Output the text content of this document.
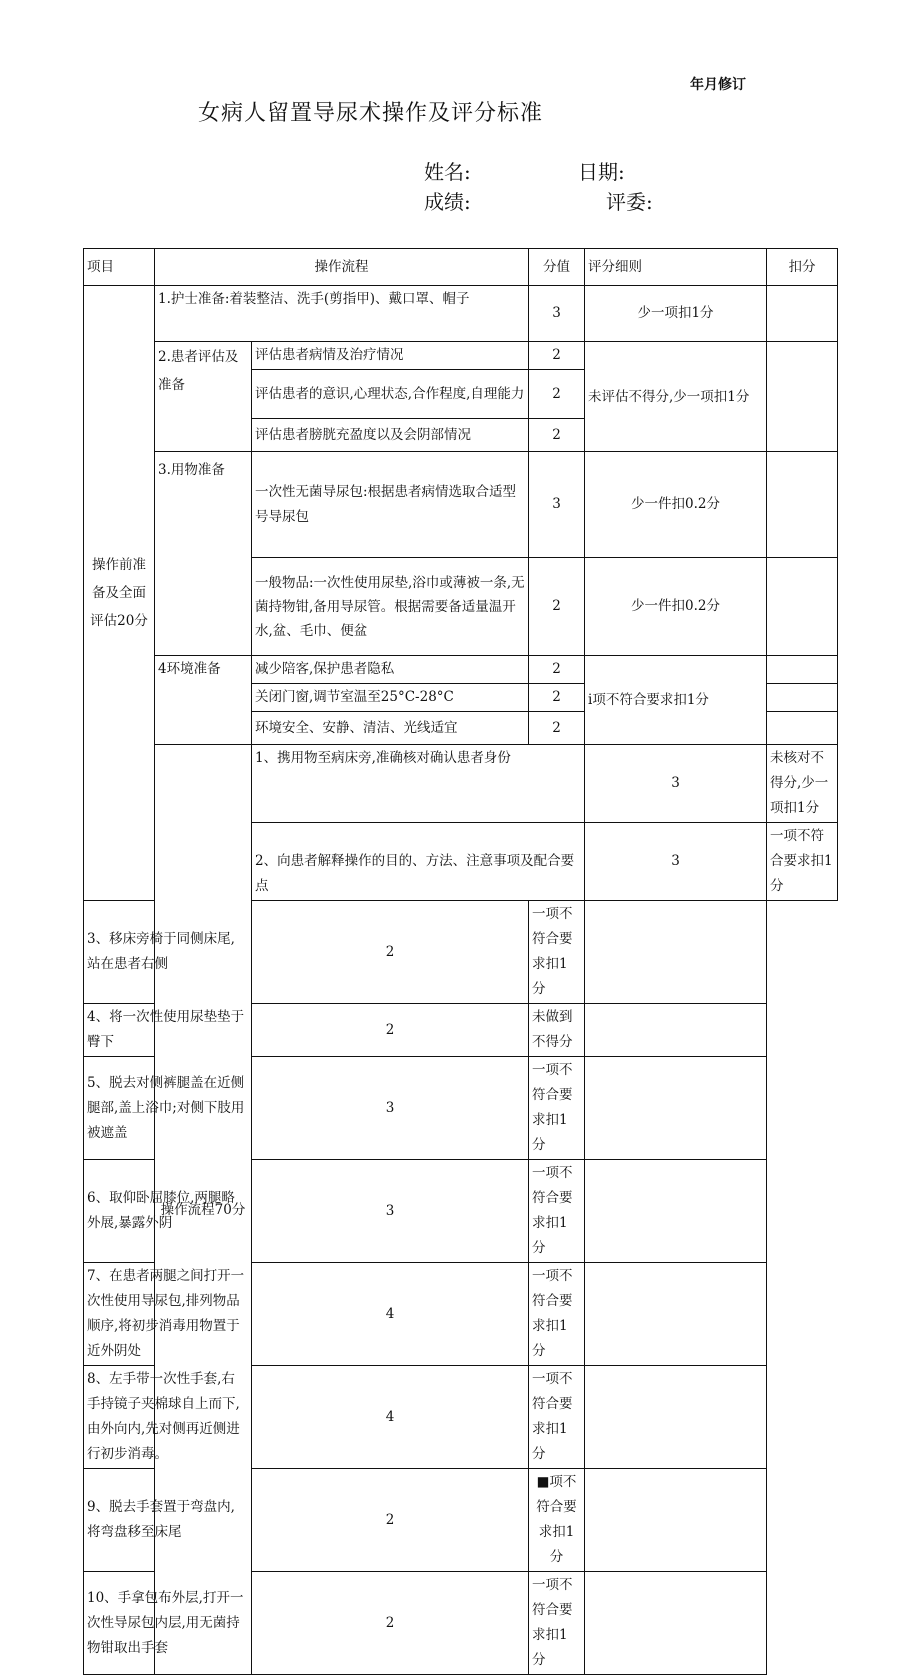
年月修订
女病人留置导尿术操作及评分标准
姓名:	日期:
成绩:	评委:
项目	操作流程		分值	评分细则	扣分	
操作前准备及全面评估20分	1.护士准备:着装整洁、洗手(剪指甲)、戴口罩、帽子		3	少一项扣1分		
	2.患者评估及准备	评估患者病情及治疗情况	2	未评估不得分,少一项扣1分		
		评估患者的意识,心理状态,合作程度,自理能力	2			
		评估患者膀胱充盈度以及会阴部情况	2			
	3.用物准备	一次性无菌导尿包:根据患者病情选取合适型号导尿包	3	少一件扣0.2分		
		一般物品:一次性使用尿垫,浴巾或薄被一条,无菌持物钳,备用导尿管。根据需要备适量温开水,盆、毛巾、便盆	2	少一件扣0.2分		
	4环境准备	减少陪客,保护患者隐私	2	i项不符合要求扣1分		
		关闭门窗,调节室温至25°C-28°C	2			
		环境安全、安静、清洁、光线适宜	2			
	操作流程70分	1、携用物至病床旁,准确核对确认患者身份		3	未核对不得分,少一项扣1分	
		2、向患者解释操作的目的、方法、注意事项及配合要点		3	一项不符合要求扣1分	
3、移床旁椅于同侧床尾,站在患者右侧		2	一项不符合要求扣1分			
4、将一次性使用尿垫垫于臀下		2	未做到不得分			
5、脱去对侧裤腿盖在近侧腿部,盖上浴巾;对侧下肢用被遮盖		3	一项不符合要求扣1分			
6、取仰卧屈膝位,两腿略外展,暴露外阴		3	一项不符合要求扣1分			
7、在患者两腿之间打开一次性使用导尿包,排列物品顺序,将初步消毒用物置于近外阴处		4	一项不符合要求扣1分			
8、左手带一次性手套,右手持镜子夹棉球自上而下,由外向内,先对侧再近侧进行初步消毒。		4	一项不符合要求扣1分			
9、脱去手套置于弯盘内,将弯盘移至床尾		2	■项不符合要求扣1分			
10、手拿包布外层,打开一次性导尿包内层,用无菌持物钳取出手套		2	一项不符合要求扣1分			
